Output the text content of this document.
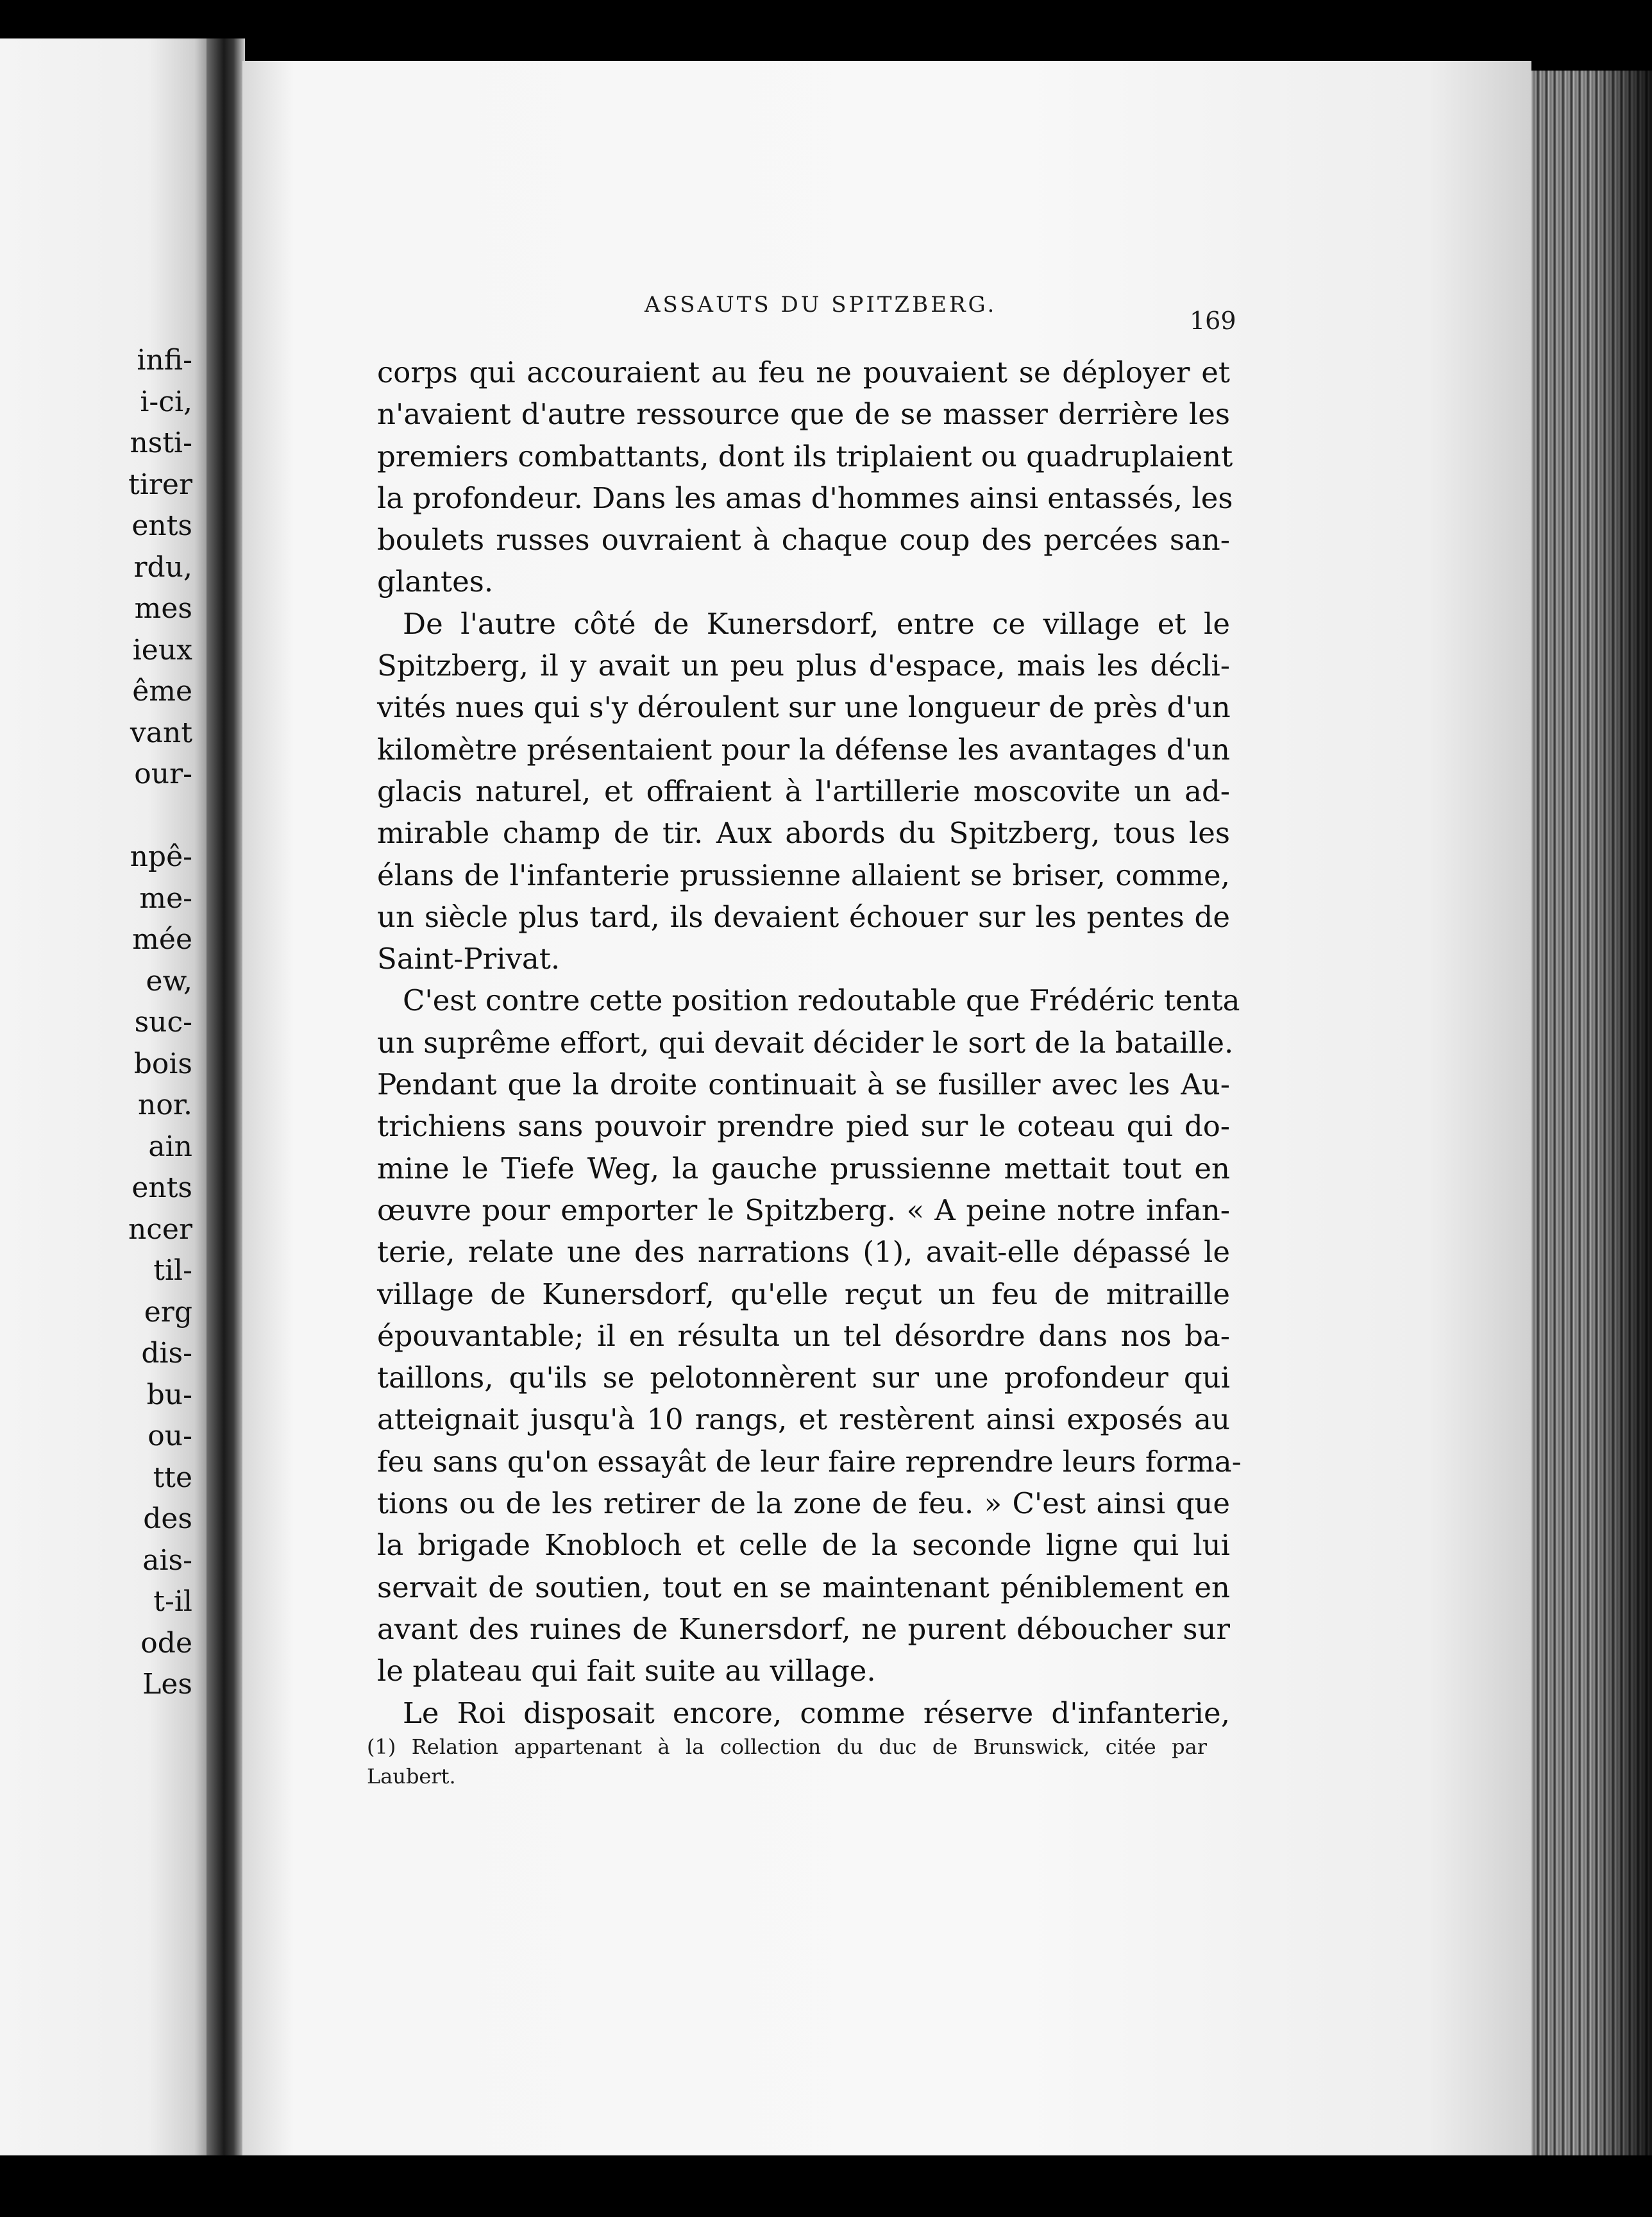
infi-
i-ci,
nsti-
tirer
ents
rdu,
mes
ieux
ême
vant
our-
npê-
me-
mée
ew,
suc-
bois
nor.
ain
ents
ncer
til-
erg
dis-
bu-
ou-
tte
des
ais-
t-il
ode
Les
ASSAUTS DU SPITZBERG.
169
corps qui accouraient au feu ne pouvaient se déployer et
n'avaient d'autre ressource que de se masser derrière les
premiers combattants, dont ils triplaient ou quadruplaient
la profondeur. Dans les amas d'hommes ainsi entassés, les
boulets russes ouvraient à chaque coup des percées san-
glantes.
De l'autre côté de Kunersdorf, entre ce village et le
Spitzberg, il y avait un peu plus d'espace, mais les décli-
vités nues qui s'y déroulent sur une longueur de près d'un
kilomètre présentaient pour la défense les avantages d'un
glacis naturel, et offraient à l'artillerie moscovite un ad-
mirable champ de tir. Aux abords du Spitzberg, tous les
élans de l'infanterie prussienne allaient se briser, comme,
un siècle plus tard, ils devaient échouer sur les pentes de
Saint-Privat.
C'est contre cette position redoutable que Frédéric tenta
un suprême effort, qui devait décider le sort de la bataille.
Pendant que la droite continuait à se fusiller avec les Au-
trichiens sans pouvoir prendre pied sur le coteau qui do-
mine le Tiefe Weg, la gauche prussienne mettait tout en
œuvre pour emporter le Spitzberg. « A peine notre infan-
terie, relate une des narrations (1), avait-elle dépassé le
village de Kunersdorf, qu'elle reçut un feu de mitraille
épouvantable; il en résulta un tel désordre dans nos ba-
taillons, qu'ils se pelotonnèrent sur une profondeur qui
atteignait jusqu'à 10 rangs, et restèrent ainsi exposés au
feu sans qu'on essayât de leur faire reprendre leurs forma-
tions ou de les retirer de la zone de feu. » C'est ainsi que
la brigade Knobloch et celle de la seconde ligne qui lui
servait de soutien, tout en se maintenant péniblement en
avant des ruines de Kunersdorf, ne purent déboucher sur
le plateau qui fait suite au village.
Le Roi disposait encore, comme réserve d'infanterie,
(1) Relation appartenant à la collection du duc de Brunswick, citée par
Laubert.
